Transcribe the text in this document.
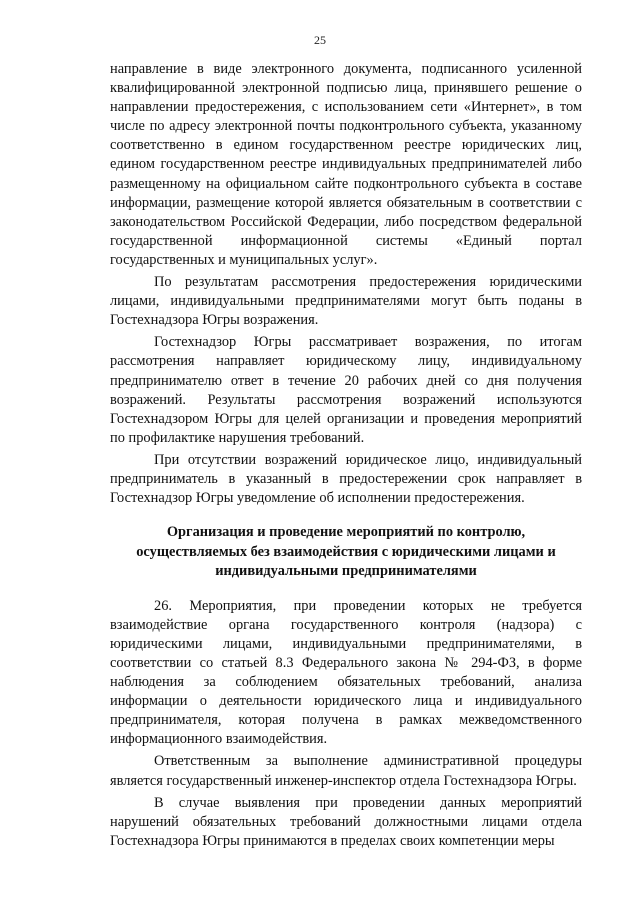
25

направление в виде электронного документа, подписанного усиленной квалифицированной электронной подписью лица, принявшего решение о направлении предостережения, с использованием сети «Интернет», в том числе по адресу электронной почты подконтрольного субъекта, указанному соответственно в едином государственном реестре юридических лиц, едином государственном реестре индивидуальных предпринимателей либо размещенному на официальном сайте подконтрольного субъекта в составе информации, размещение которой является обязательным в соответствии с законодательством Российской Федерации, либо посредством федеральной государственной информационной системы «Единый портал государственных и муниципальных услуг».

По результатам рассмотрения предостережения юридическими лицами, индивидуальными предпринимателями могут быть поданы в Гостехнадзора Югры возражения.

Гостехнадзор Югры рассматривает возражения, по итогам рассмотрения направляет юридическому лицу, индивидуальному предпринимателю ответ в течение 20 рабочих дней со дня получения возражений. Результаты рассмотрения возражений используются Гостехнадзором Югры для целей организации и проведения мероприятий по профилактике нарушения требований.

При отсутствии возражений юридическое лицо, индивидуальный предприниматель в указанный в предостережении срок направляет в Гостехнадзор Югры уведомление об исполнении предостережения.

Организация и проведение мероприятий по контролю, осуществляемых без взаимодействия с юридическими лицами и индивидуальными предпринимателями

26. Мероприятия, при проведении которых не требуется взаимодействие органа государственного контроля (надзора) с юридическими лицами, индивидуальными предпринимателями, в соответствии со статьей 8.3 Федерального закона № 294-ФЗ, в форме наблюдения за соблюдением обязательных требований, анализа информации о деятельности юридического лица и индивидуального предпринимателя, которая получена в рамках межведомственного информационного взаимодействия.

Ответственным за выполнение административной процедуры является государственный инженер-инспектор отдела Гостехнадзора Югры.

В случае выявления при проведении данных мероприятий нарушений обязательных требований должностными лицами отдела Гостехнадзора Югры принимаются в пределах своих компетенции меры
